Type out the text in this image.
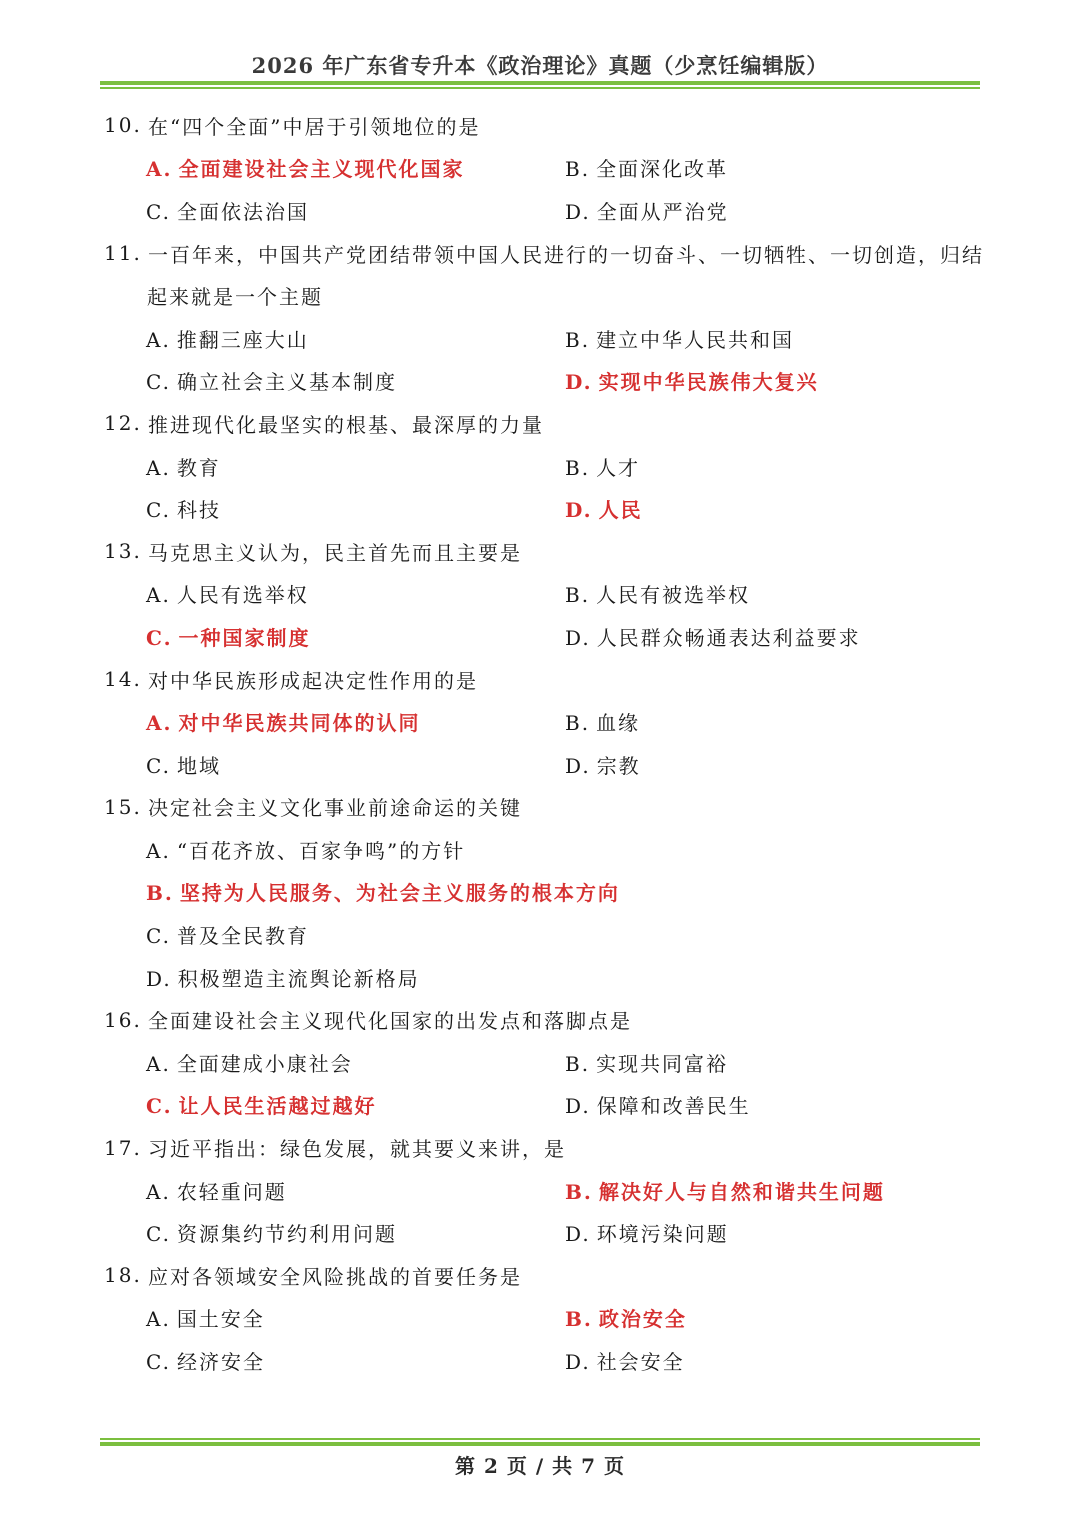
2026 年广东省专升本《政治理论》真题（少烹饪编辑版）
10. 在“四个全面”中居于引领地位的是
A. 全面建设社会主义现代化国家	B. 全面深化改革
C. 全面依法治国	D. 全面从严治党
11. 一百年来，中国共产党团结带领中国人民进行的一切奋斗、一切牺牲、一切创造，归结
起来就是一个主题
A. 推翻三座大山	B. 建立中华人民共和国
C. 确立社会主义基本制度	D. 实现中华民族伟大复兴
12. 推进现代化最坚实的根基、最深厚的力量
A. 教育	B. 人才
C. 科技	D. 人民
13. 马克思主义认为，民主首先而且主要是
A. 人民有选举权	B. 人民有被选举权
C. 一种国家制度	D. 人民群众畅通表达利益要求
14. 对中华民族形成起决定性作用的是
A. 对中华民族共同体的认同	B. 血缘
C. 地域	D. 宗教
15. 决定社会主义文化事业前途命运的关键
A. “百花齐放、百家争鸣”的方针
B. 坚持为人民服务、为社会主义服务的根本方向
C. 普及全民教育
D. 积极塑造主流舆论新格局
16. 全面建设社会主义现代化国家的出发点和落脚点是
A. 全面建成小康社会	B. 实现共同富裕
C. 让人民生活越过越好	D. 保障和改善民生
17. 习近平指出：绿色发展，就其要义来讲，是
A. 农轻重问题	B. 解决好人与自然和谐共生问题
C. 资源集约节约利用问题	D. 环境污染问题
18. 应对各领域安全风险挑战的首要任务是
A. 国土安全	B. 政治安全
C. 经济安全	D. 社会安全
第 2 页 / 共 7 页
